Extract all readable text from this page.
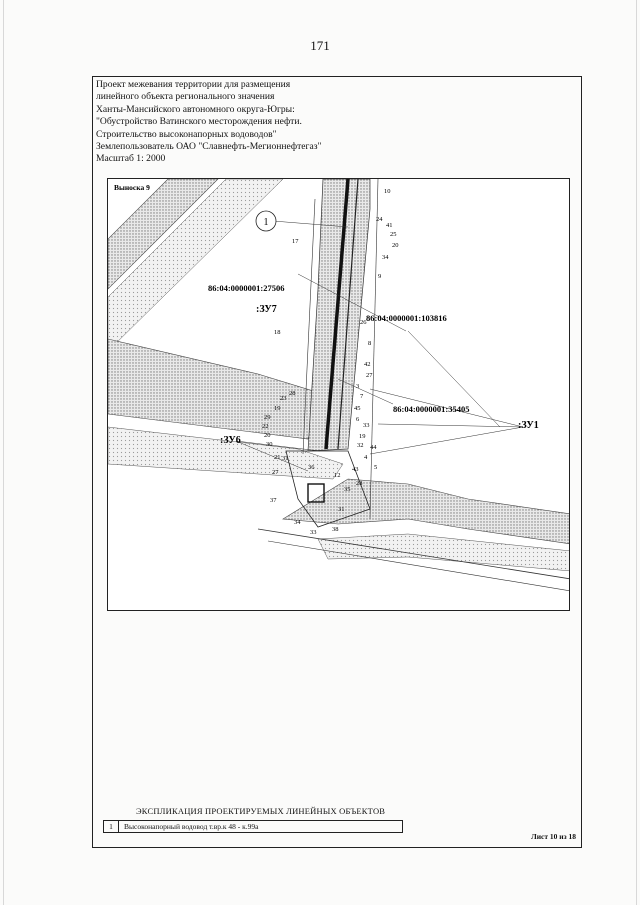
171
Проект межевания территории для размещения
линейного объекта регионального значения
Ханты-Мансийского автономного округа-Югры:
"Обустройство Ватинского месторождения нефти.
Строительство высоконапорных водоводов"
Землепользователь ОАО "Славнефть-Мегионнефтегаз"
Масштаб 1: 2000
1
Выноска 9
86:04:0000001:27506
86:04:0000001:103816
86:04:0000001:35405
:ЗУ7
:ЗУ6
:ЗУ1
10
24
41
25
20
34
17
9
26
18
8
42
27
3
7
45
28
23
19
29
22
20
30
21 31
6
33
19
32 44
4
43 5
36
12
35
28
27
37
34
33 38
31
ЭКСПЛИКАЦИЯ ПРОЕКТИРУЕМЫХ ЛИНЕЙНЫХ ОБЪЕКТОВ
1	Высоконапорный водовод т.вр.к 48 - к.99а
Лист 10 из 18
